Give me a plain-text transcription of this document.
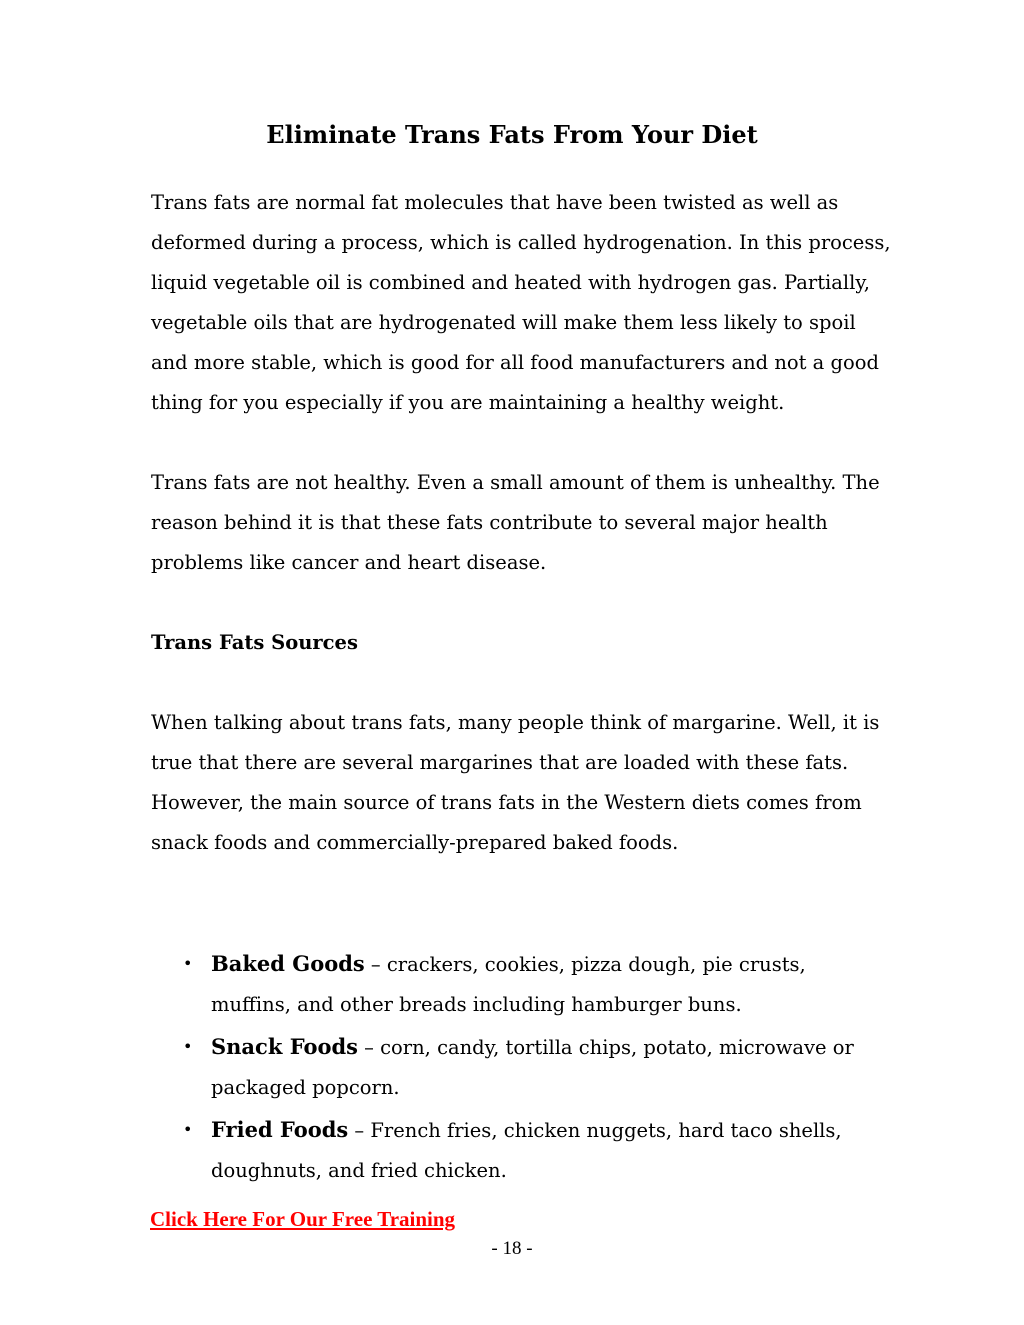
Eliminate Trans Fats From Your Diet

Trans fats are normal fat molecules that have been twisted as well as deformed during a process, which is called hydrogenation. In this process, liquid vegetable oil is combined and heated with hydrogen gas. Partially, vegetable oils that are hydrogenated will make them less likely to spoil and more stable, which is good for all food manufacturers and not a good thing for you especially if you are maintaining a healthy weight.

Trans fats are not healthy. Even a small amount of them is unhealthy. The reason behind it is that these fats contribute to several major health problems like cancer and heart disease.

Trans Fats Sources

When talking about trans fats, many people think of margarine. Well, it is true that there are several margarines that are loaded with these fats. However, the main source of trans fats in the Western diets comes from snack foods and commercially-prepared baked foods.

• Baked Goods – crackers, cookies, pizza dough, pie crusts, muffins, and other breads including hamburger buns.
• Snack Foods – corn, candy, tortilla chips, potato, microwave or packaged popcorn.
• Fried Foods – French fries, chicken nuggets, hard taco shells, doughnuts, and fried chicken.
Click Here For Our Free Training
- 18 -
